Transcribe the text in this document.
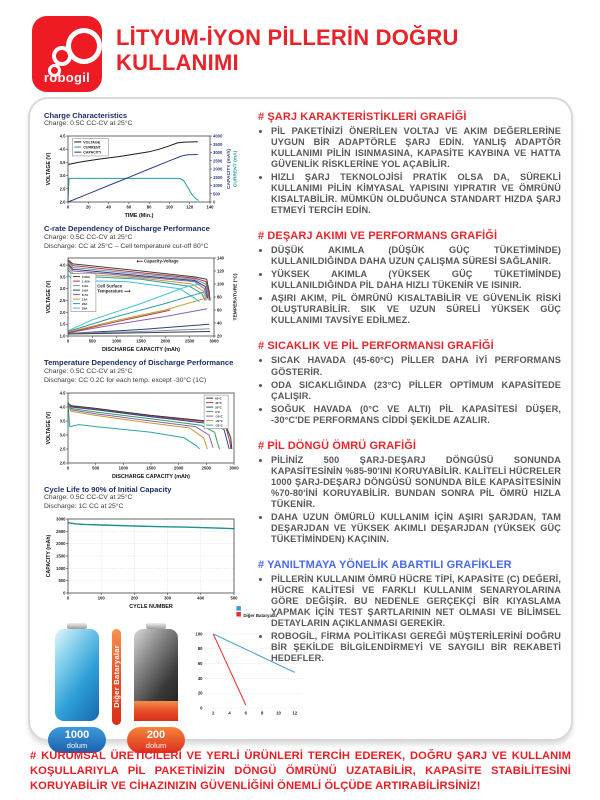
robogil
LİTYUM-İYON PİLLERİN DOĞRU KULLANIMI
Charge Characteristics
Charge: 0.5C CC-CV at 25°C
0	20	40	60	80	100	120	140
2.0
2.5
3.0
3.5
4.0
4.5
0
500
1000
1500
2000
2500
3000
3500
4000
TIME (Min.)
VOLTAGE (V)	CAPACITY (mAh) CURRENT (mA)
VOLTAGE
CURRENT
CAPACITY
C-rate Dependency of Discharge Performance
Charge: 0.5C CC-CV at 25°C
Discharge: CC at 25°C – Cell temperature cut-off 80°C
0	500	1000	1500	2000	2500	3000
1.0
1.5
2.0
2.5
3.0
3.5
4.0
20
40
60
80
100
120
140
DISCHARGE CAPACITY (mAh)
VOLTAGE (V)	TEMPERATURE (°C)
0.58A
1.45A
2.9A
5.8A
8.7A
15A
20A
29A
⟵ Capacity-Voltage
Cell Surface
Temperature ⟶
Temperature Dependency of Discharge Performance
Charge: 0.5C CC-CV at 25°C
Discharge: CC 0.2C for each temp. except -30°C (1C)
0	500	1000	1500	2000	2500	3000
2.0
2.5
3.0
3.5
4.0
4.5
DISCHARGE CAPACITY (mAh)
VOLTAGE (V)
60°C
45°C
25°C
0°C
-10°C
-20°C
-30°C
Cycle Life to 90% of Initial Capacity
Charge: 0.5C CC-CV at 25°C
Discharge: 1C CC at 25°C
0	100	200	300	400	500
0
500
1000
1500
2000
2500
3000
CYCLE NUMBER
CAPACITY (mAh)
1000
dolum
Diğer Bataryalar
200
dolum
2	4	6	8	10	12
0
20
40
60
80
100
Diğer Bataryalar
# ŞARJ KARAKTERİSTİKLERİ GRAFİĞİ
• PİL PAKETİNİZİ ÖNERİLEN VOLTAJ VE AKIM DEĞERLERİNE UYGUN BİR ADAPTÖRLE ŞARJ EDİN. YANLIŞ ADAPTÖR KULLANIMI PİLİN ISINMASINA, KAPASİTE KAYBINA VE HATTA GÜVENLİK RİSKLERİNE YOL AÇABİLİR.
• HIZLI ŞARJ TEKNOLOJİSİ PRATİK OLSA DA, SÜREKLİ KULLANIMI PİLİN KİMYASAL YAPISINI YIPRATIR VE ÖMRÜNÜ KISALTABİLİR. MÜMKÜN OLDUĞUNCA STANDART HIZDA ŞARJ ETMEYİ TERCİH EDİN.
# DEŞARJ AKIMI VE PERFORMANS GRAFİĞİ
• DÜŞÜK AKIMLA (DÜŞÜK GÜÇ TÜKETİMİNDE) KULLANILDIĞINDA DAHA UZUN ÇALIŞMA SÜRESİ SAĞLANIR.
• YÜKSEK AKIMLA (YÜKSEK GÜÇ TÜKETİMİNDE) KULLANILDIĞINDA PİL DAHA HIZLI TÜKENİR VE ISINIR.
• AŞIRI AKIM, PİL ÖMRÜNÜ KISALTABİLİR VE GÜVENLİK RİSKİ OLUŞTURABİLİR. SIK VE UZUN SÜRELİ YÜKSEK GÜÇ KULLANIMI TAVSİYE EDİLMEZ.
# SICAKLIK VE PİL PERFORMANSI GRAFİĞİ
• SICAK HAVADA (45-60°C) PİLLER DAHA İYİ PERFORMANS GÖSTERİR.
• ODA SICAKLIĞINDA (23°C) PİLLER OPTİMUM KAPASİTEDE ÇALIŞIR.
• SOĞUK HAVADA (0°C VE ALTI) PİL KAPASİTESİ DÜŞER, -30°C'DE PERFORMANS CİDDİ ŞEKİLDE AZALIR.
# PİL DÖNGÜ ÖMRÜ GRAFİĞİ
• PİLİNİZ 500 ŞARJ-DEŞARJ DÖNGÜSÜ SONUNDA KAPASİTESİNİN %85-90'INI KORUYABİLİR. KALİTELİ HÜCRELER 1000 ŞARJ-DEŞARJ DÖNGÜSÜ SONUNDA BİLE KAPASİTESİNİN %70-80'İNİ KORUYABİLİR. BUNDAN SONRA PİL ÖMRÜ HIZLA TÜKENİR.
• DAHA UZUN ÖMÜRLÜ KULLANIM İÇİN AŞIRI ŞARJDAN, TAM DEŞARJDAN VE YÜKSEK AKIMLI DEŞARJDAN (YÜKSEK GÜÇ TÜKETİMİNDEN) KAÇININ.
# YANILTMAYA YÖNELİK ABARTILI GRAFİKLER
• PİLLERİN KULLANIM ÖMRÜ HÜCRE TİPİ, KAPASİTE (C) DEĞERİ, HÜCRE KALİTESİ VE FARKLI KULLANIM SENARYOLARINA GÖRE DEĞİŞİR. BU NEDENLE GERÇEKÇİ BİR KIYASLAMA YAPMAK İÇİN TEST ŞARTLARININ NET OLMASI VE BİLİMSEL DETAYLARIN AÇIKLANMASI GEREKİR.
• ROBOGİL, FİRMA POLİTİKASI GEREĞİ MÜŞTERİLERİNİ DOĞRU BİR ŞEKİLDE BİLGİLENDİRMEYİ VE SAYGILI BİR REKABETİ HEDEFLER.
# KURUMSAL ÜRETİCİLERİ VE YERLİ ÜRÜNLERİ TERCİH EDEREK, DOĞRU ŞARJ VE KULLANIM KOŞULLARIYLA PİL PAKETİNİZİN DÖNGÜ ÖMRÜNÜ UZATABİLİR, KAPASİTE STABİLİTESİNİ KORUYABİLİR VE CİHAZINIZIN GÜVENLİĞİNİ ÖNEMLİ ÖLÇÜDE ARTIRABİLİRSİNİZ!
